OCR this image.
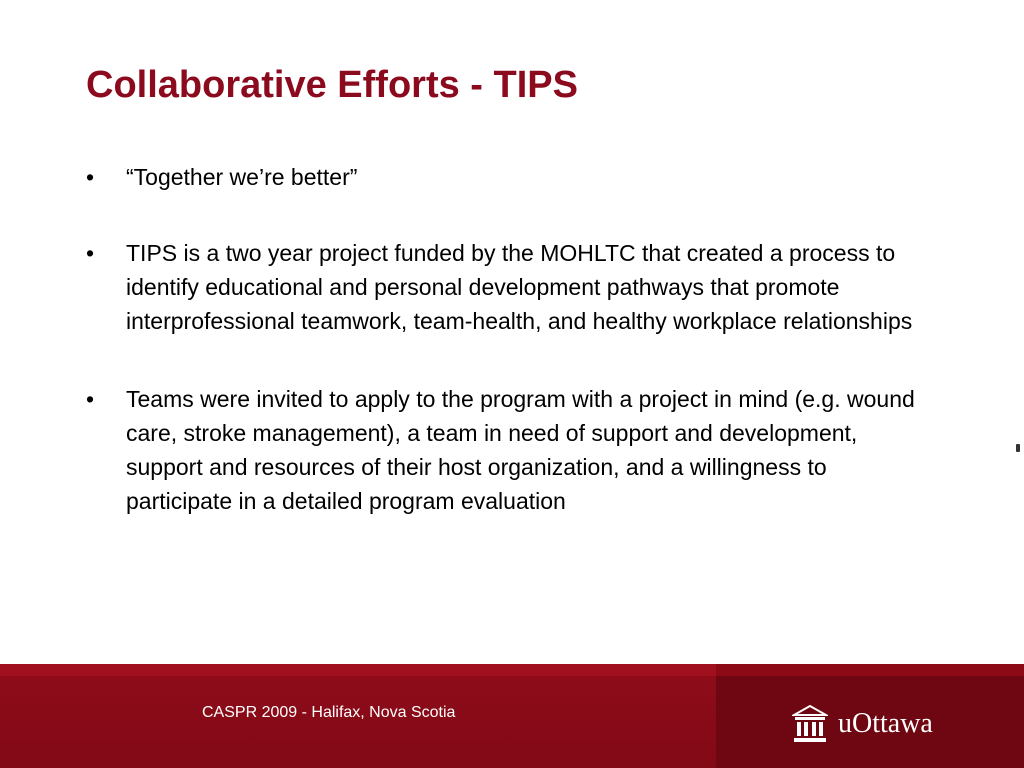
Collaborative Efforts - TIPS
•	“Together we’re better”
•	TIPS is a two year project funded by the MOHLTC that created a process to identify educational and personal development pathways that promote interprofessional teamwork, team-health, and healthy workplace relationships
•	Teams were invited to apply to the program with a project in mind (e.g. wound care, stroke management), a team in need of support and development, support and resources of their host organization, and a willingness to participate in a detailed program evaluation
CASPR 2009 - Halifax, Nova Scotia	uOttawa
